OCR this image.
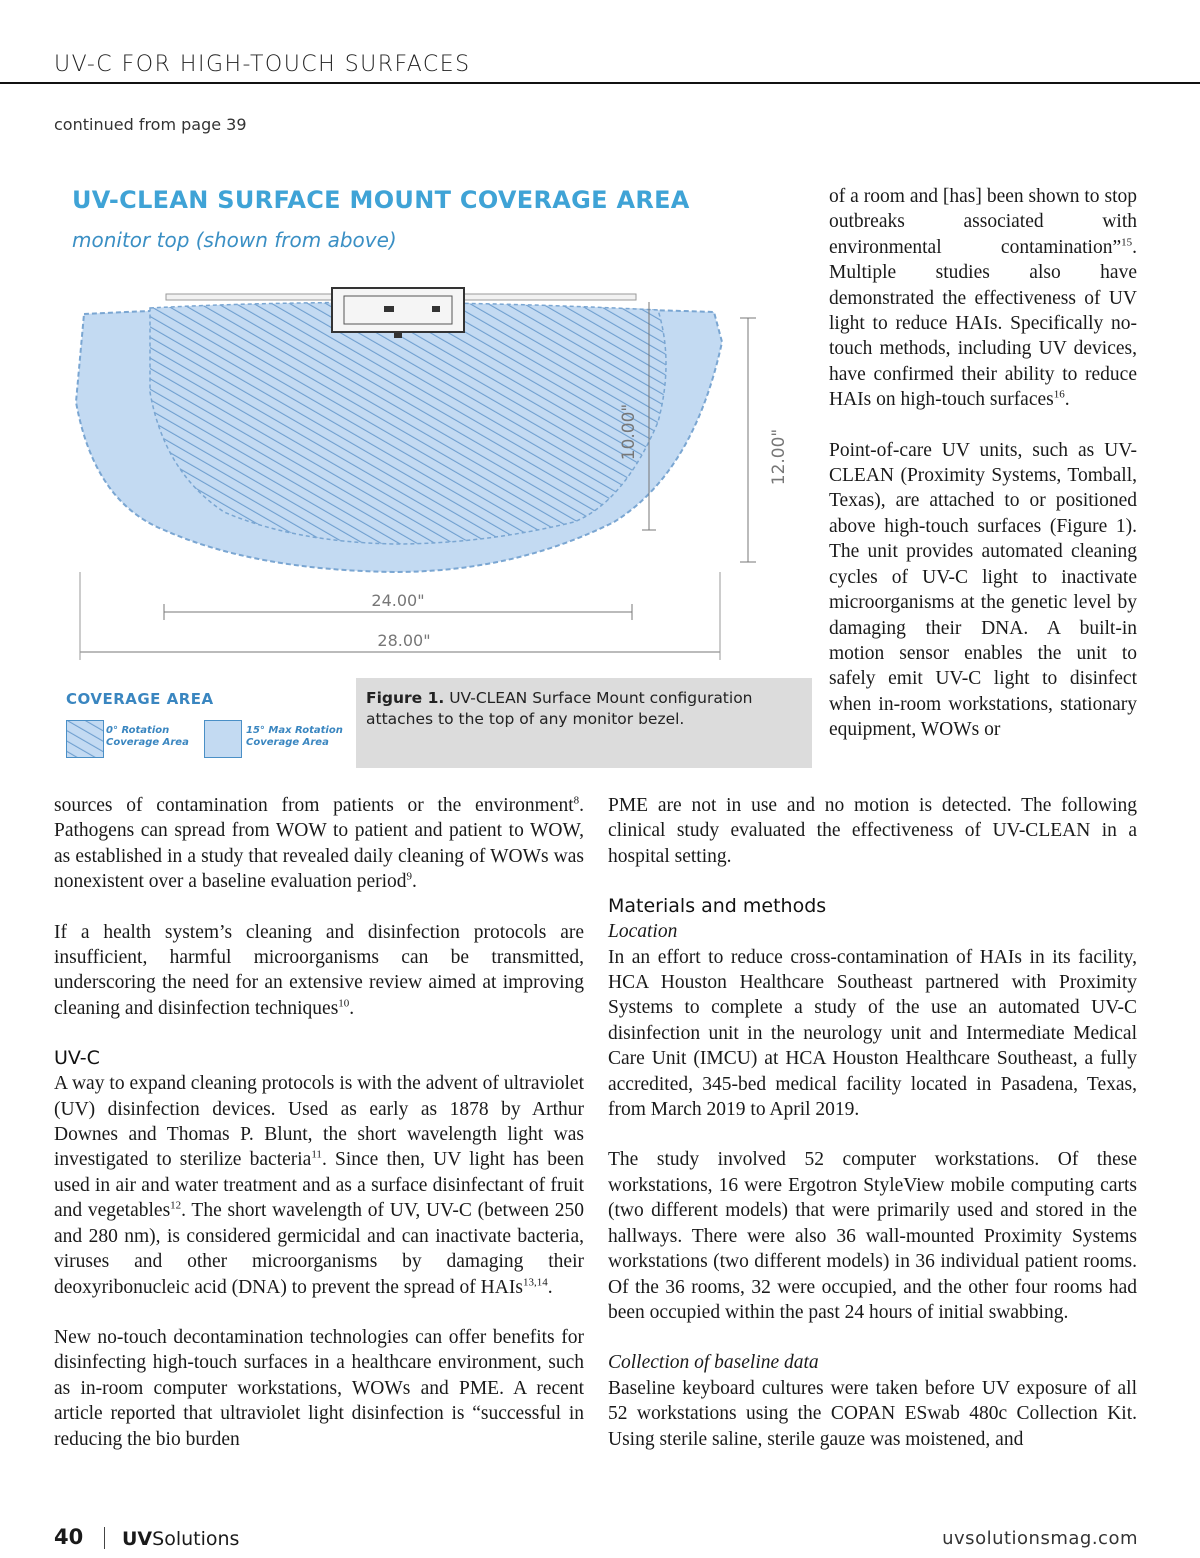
UV-C FOR HIGH-TOUCH SURFACES
continued from page 39
UV-CLEAN SURFACE MOUNT COVERAGE AREA
monitor top (shown from above)
10.00"	12.00"
24.00"
28.00"
COVERAGE AREA
0° Rotation
Coverage Area
15° Max Rotation
Coverage Area
Figure 1. UV-CLEAN Surface Mount configuration attaches to the top of any monitor bezel.

of a room and [has] been shown to stop outbreaks associated with environmental contamination”$^{15}$. Multiple studies also have demonstrated the effectiveness of UV light to reduce HAIs. Specifically no-touch methods, including UV devices, have confirmed their ability to reduce HAIs on high-touch surfaces$^{16}$.

Point-of-care UV units, such as UV-CLEAN (Proximity Systems, Tomball, Texas), are attached to or positioned above high-touch surfaces (Figure 1). The unit provides automated cleaning cycles of UV-C light to inactivate microorganisms at the genetic level by damaging their DNA. A built-in motion sensor enables the unit to safely emit UV-C light to disinfect when in-room workstations, stationary equipment, WOWs or

sources of contamination from patients or the environment$^8$. Pathogens can spread from WOW to patient and patient to WOW, as established in a study that revealed daily cleaning of WOWs was nonexistent over a baseline evaluation period$^9$.

If a health system’s cleaning and disinfection protocols are insufficient, harmful microorganisms can be transmitted, underscoring the need for an extensive review aimed at improving cleaning and disinfection techniques$^{10}$.

UV-C

A way to expand cleaning protocols is with the advent of ultraviolet (UV) disinfection devices. Used as early as 1878 by Arthur Downes and Thomas P. Blunt, the short wavelength light was investigated to sterilize bacteria$^{11}$. Since then, UV light has been used in air and water treatment and as a surface disinfectant of fruit and vegetables$^{12}$. The short wavelength of UV, UV-C (between 250 and 280 nm), is considered germicidal and can inactivate bacteria, viruses and other microorganisms by damaging their deoxyribonucleic acid (DNA) to prevent the spread of HAIs$^{13,14}$.

New no-touch decontamination technologies can offer benefits for disinfecting high-touch surfaces in a healthcare environment, such as in-room computer workstations, WOWs and PME. A recent article reported that ultraviolet light disinfection is “successful in reducing the bio burden

PME are not in use and no motion is detected. The following clinical study evaluated the effectiveness of UV-CLEAN in a hospital setting.

Materials and methods

Location

In an effort to reduce cross-contamination of HAIs in its facility, HCA Houston Healthcare Southeast partnered with Proximity Systems to complete a study of the use an automated UV-C disinfection unit in the neurology unit and Intermediate Medical Care Unit (IMCU) at HCA Houston Healthcare Southeast, a fully accredited, 345-bed medical facility located in Pasadena, Texas, from March 2019 to April 2019.

The study involved 52 computer workstations. Of these workstations, 16 were Ergotron StyleView mobile computing carts (two different models) that were primarily used and stored in the hallways. There were also 36 wall-mounted Proximity Systems workstations (two different models) in 36 individual patient rooms. Of the 36 rooms, 32 were occupied, and the other four rooms had been occupied within the past 24 hours of initial swabbing.

Collection of baseline data

Baseline keyboard cultures were taken before UV exposure of all 52 workstations using the COPAN ESwab 480c Collection Kit. Using sterile saline, sterile gauze was moistened, and

40 UVSolutions	uvsolutionsmag.com
